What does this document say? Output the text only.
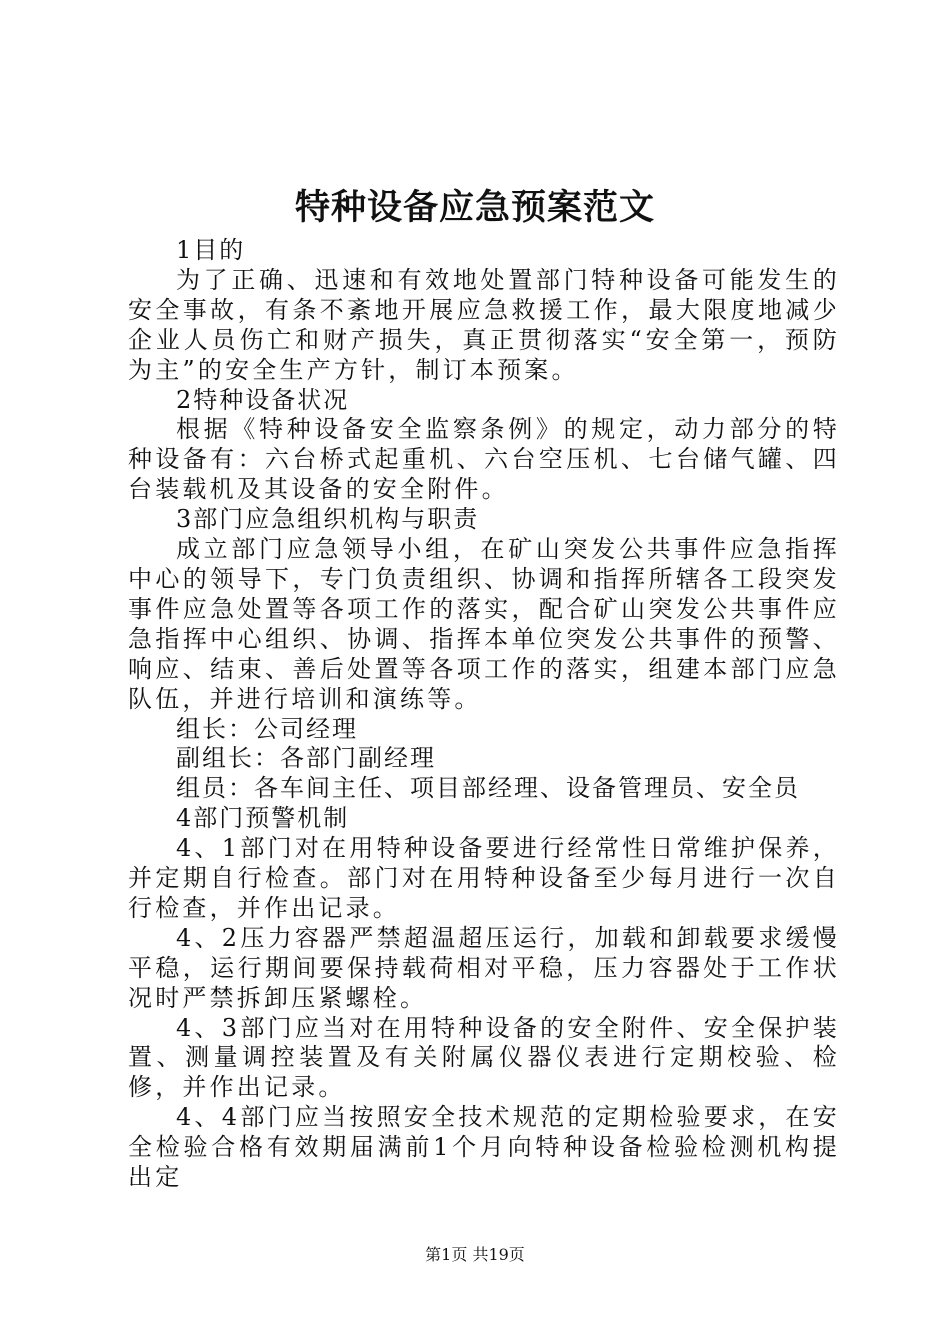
特种设备应急预案范文

1目的

为了正确、迅速和有效地处置部门特种设备可能发生的安全事故，有条不紊地开展应急救援工作，最大限度地减少企业人员伤亡和财产损失，真正贯彻落实“安全第一，预防为主”的安全生产方针，制订本预案。

2特种设备状况

根据《特种设备安全监察条例》的规定，动力部分的特种设备有：六台桥式起重机、六台空压机、七台储气罐、四台装载机及其设备的安全附件。

3部门应急组织机构与职责

成立部门应急领导小组，在矿山突发公共事件应急指挥中心的领导下，专门负责组织、协调和指挥所辖各工段突发事件应急处置等各项工作的落实，配合矿山突发公共事件应急指挥中心组织、协调、指挥本单位突发公共事件的预警、响应、结束、善后处置等各项工作的落实，组建本部门应急队伍，并进行培训和演练等。

组长：公司经理

副组长：各部门副经理

组员：各车间主任、项目部经理、设备管理员、安全员

4部门预警机制

4、1部门对在用特种设备要进行经常性日常维护保养，并定期自行检查。部门对在用特种设备至少每月进行一次自行检查，并作出记录。

4、2压力容器严禁超温超压运行，加载和卸载要求缓慢平稳，运行期间要保持载荷相对平稳，压力容器处于工作状况时严禁拆卸压紧螺栓。

4、3部门应当对在用特种设备的安全附件、安全保护装置、测量调控装置及有关附属仪器仪表进行定期校验、检修，并作出记录。

4、4部门应当按照安全技术规范的定期检验要求，在安全检验合格有效期届满前1个月向特种设备检验检测机构提出定

第1页 共19页
